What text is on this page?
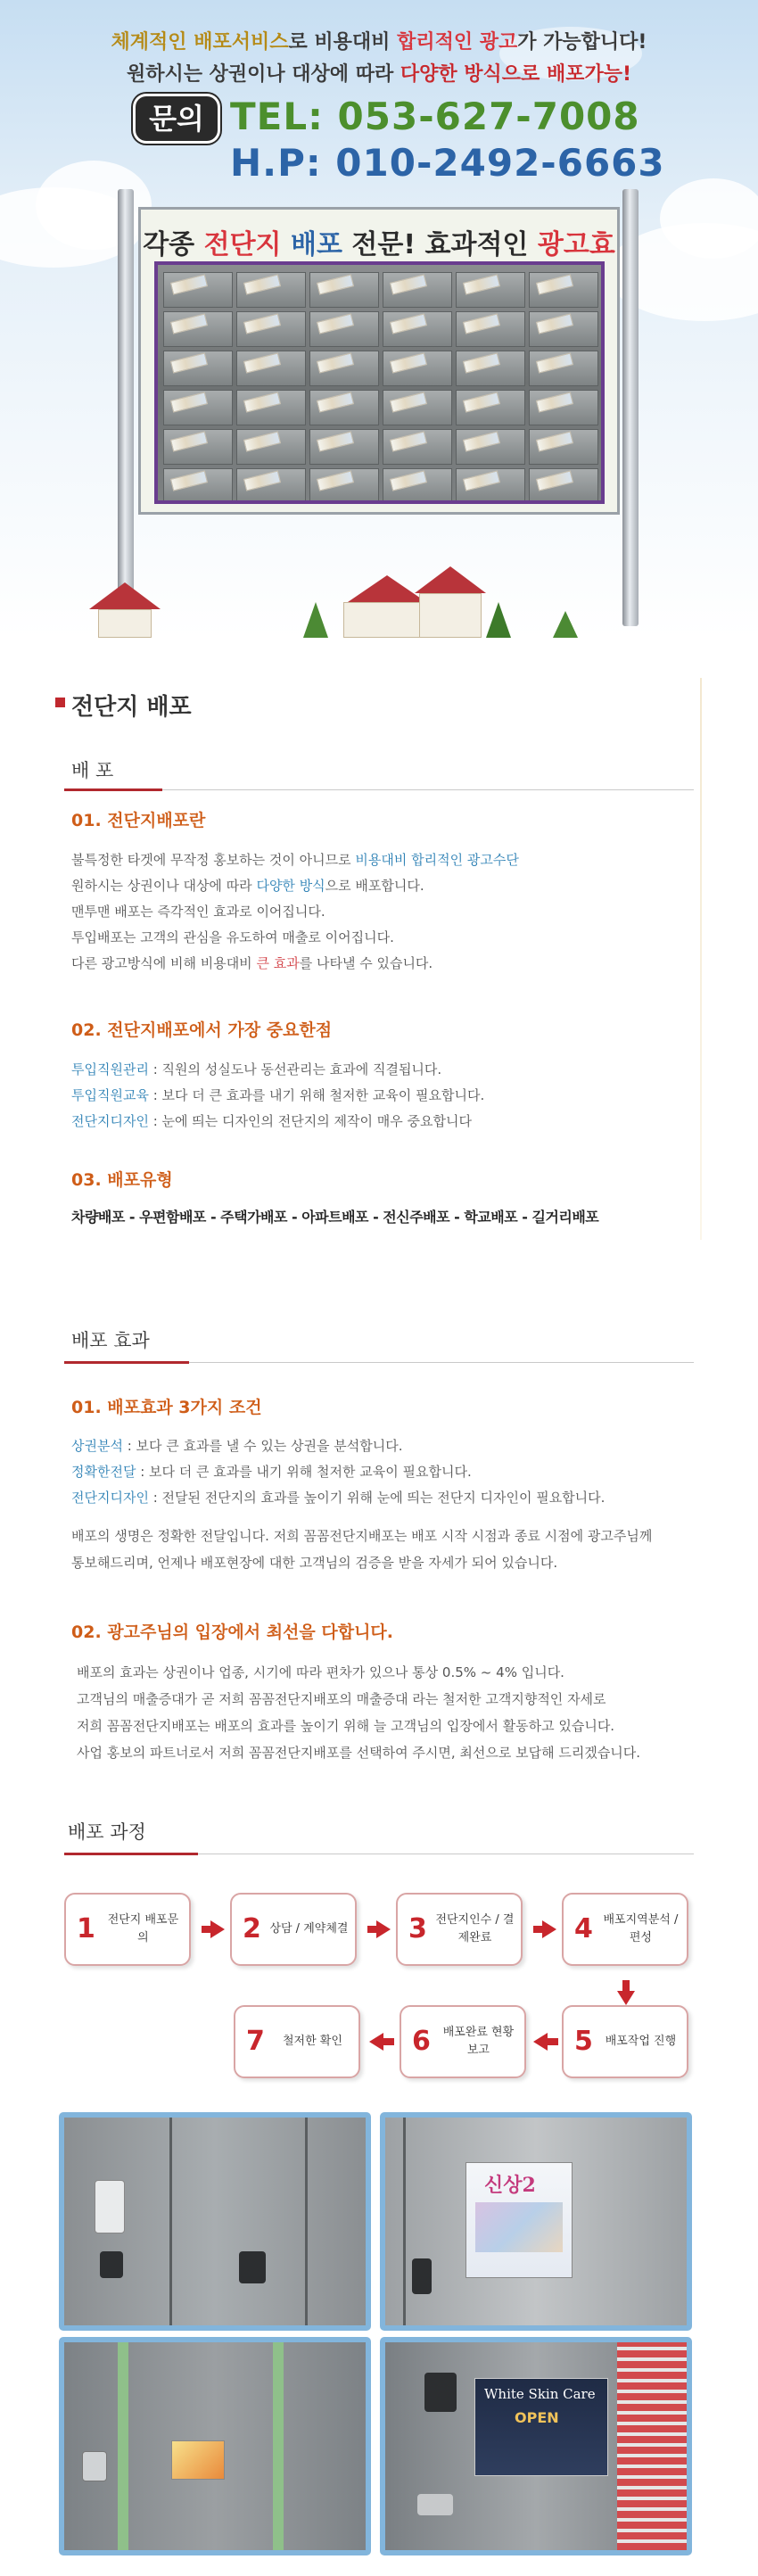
체계적인 배포서비스로 비용대비 합리적인 광고가 가능합니다!
원하시는 상권이나 대상에 따라 다양한 방식으로 배포가능!
문의 TEL: 053-627-7008
H.P: 010-2492-6663
각종 전단지 배포 전문! 효과적인 광고효
전단지 배포
배 포
01. 전단지배포란
불특정한 타겟에 무작정 홍보하는 것이 아니므로 비용대비 합리적인 광고수단
원하시는 상권이나 대상에 따라 다양한 방식으로 배포합니다.
맨투맨 배포는 즉각적인 효과로 이어집니다.
투입배포는 고객의 관심을 유도하여 매출로 이어집니다.
다른 광고방식에 비해 비용대비 큰 효과를 나타낼 수 있습니다.
02. 전단지배포에서 가장 중요한점
투입직원관리 : 직원의 성실도나 동선관리는 효과에 직결됩니다.
투입직원교육 : 보다 더 큰 효과를 내기 위해 철저한 교육이 필요합니다.
전단지디자인 : 눈에 띄는 디자인의 전단지의 제작이 매우 중요합니다
03. 배포유형
차량배포 - 우편함배포 - 주택가배포 - 아파트배포 - 전신주배포 - 학교배포 - 길거리배포
배포 효과
01. 배포효과 3가지 조건
상권분석 : 보다 큰 효과를 낼 수 있는 상권을 분석합니다.
정확한전달 : 보다 더 큰 효과를 내기 위해 철저한 교육이 필요합니다.
전단지디자인 : 전달된 전단지의 효과를 높이기 위해 눈에 띄는 전단지 디자인이 필요합니다.
배포의 생명은 정확한 전달입니다. 저희 꼼꼼전단지배포는 배포 시작 시점과 종료 시점에 광고주님께
통보해드리며, 언제나 배포현장에 대한 고객님의 검증을 받을 자세가 되어 있습니다.
02. 광고주님의 입장에서 최선을 다합니다.
배포의 효과는 상권이나 업종, 시기에 따라 편차가 있으나 통상 0.5% ~ 4% 입니다.
고객님의 매출증대가 곧 저희 꼼꼼전단지배포의 매출증대 라는 철저한 고객지향적인 자세로
저희 꼼꼼전단지배포는 배포의 효과를 높이기 위해 늘 고객님의 입장에서 활동하고 있습니다.
사업 홍보의 파트너로서 저희 꼼꼼전단지배포를 선택하여 주시면, 최선으로 보답해 드리겠습니다.
배포 과정
1	전단지 배포문의	2 상담 / 계약체결 3 전단지인수 / 결제완료	4 배포지역분석 / 편성
5	배포작업 진행
6	배포완료 현황보고
7	철저한 확인
신상2
White Skin Care
OPEN
